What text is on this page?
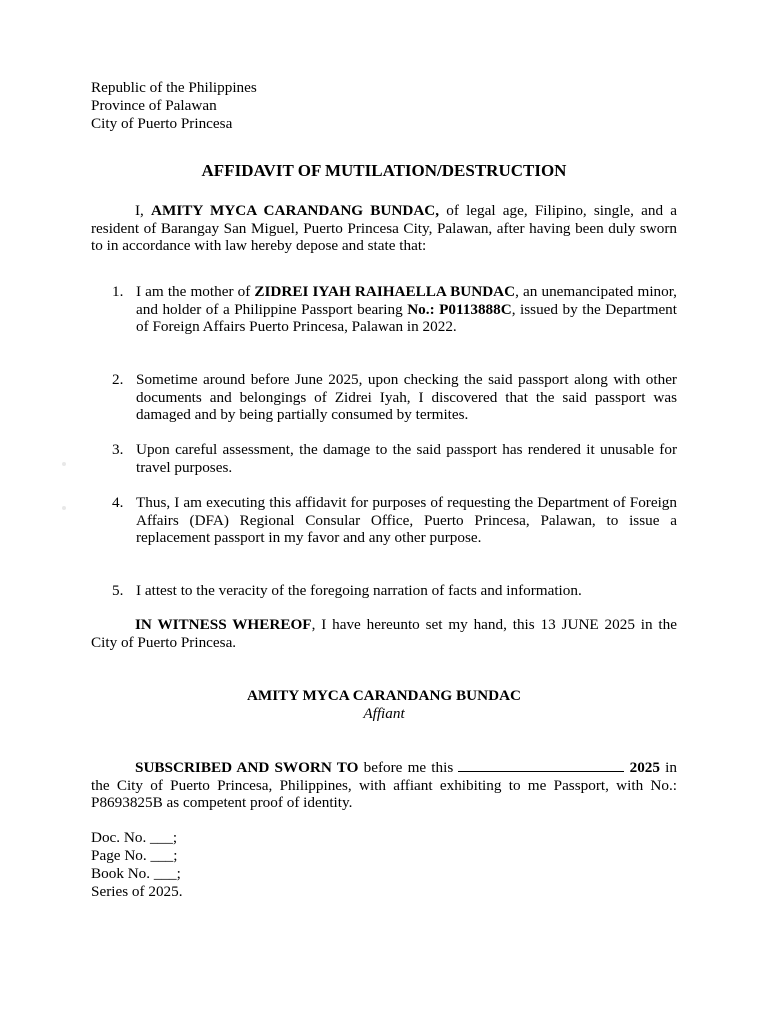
Republic of the Philippines
Province of Palawan
City of Puerto Princesa
AFFIDAVIT OF MUTILATION/DESTRUCTION
I, AMITY MYCA CARANDANG BUNDAC, of legal age, Filipino, single, and a resident of Barangay San Miguel, Puerto Princesa City, Palawan, after having been duly sworn to in accordance with law hereby depose and state that:
1. I am the mother of ZIDREI IYAH RAIHAELLA BUNDAC, an unemancipated minor, and holder of a Philippine Passport bearing No.: P0113888C, issued by the Department of Foreign Affairs Puerto Princesa, Palawan in 2022.
2. Sometime around before June 2025, upon checking the said passport along with other documents and belongings of Zidrei Iyah, I discovered that the said passport was damaged and by being partially consumed by termites.
3. Upon careful assessment, the damage to the said passport has rendered it unusable for travel purposes.
4. Thus, I am executing this affidavit for purposes of requesting the Department of Foreign Affairs (DFA) Regional Consular Office, Puerto Princesa, Palawan, to issue a replacement passport in my favor and any other purpose.
5. I attest to the veracity of the foregoing narration of facts and information.
IN WITNESS WHEREOF, I have hereunto set my hand, this 13 JUNE 2025 in the City of Puerto Princesa.
AMITY MYCA CARANDANG BUNDAC
Affiant
SUBSCRIBED AND SWORN TO before me this	2025 in the City of Puerto Princesa, Philippines, with affiant exhibiting to me Passport, with No.: P8693825B as competent proof of identity.
Doc. No. ___;
Page No. ___;
Book No. ___;
Series of 2025.
